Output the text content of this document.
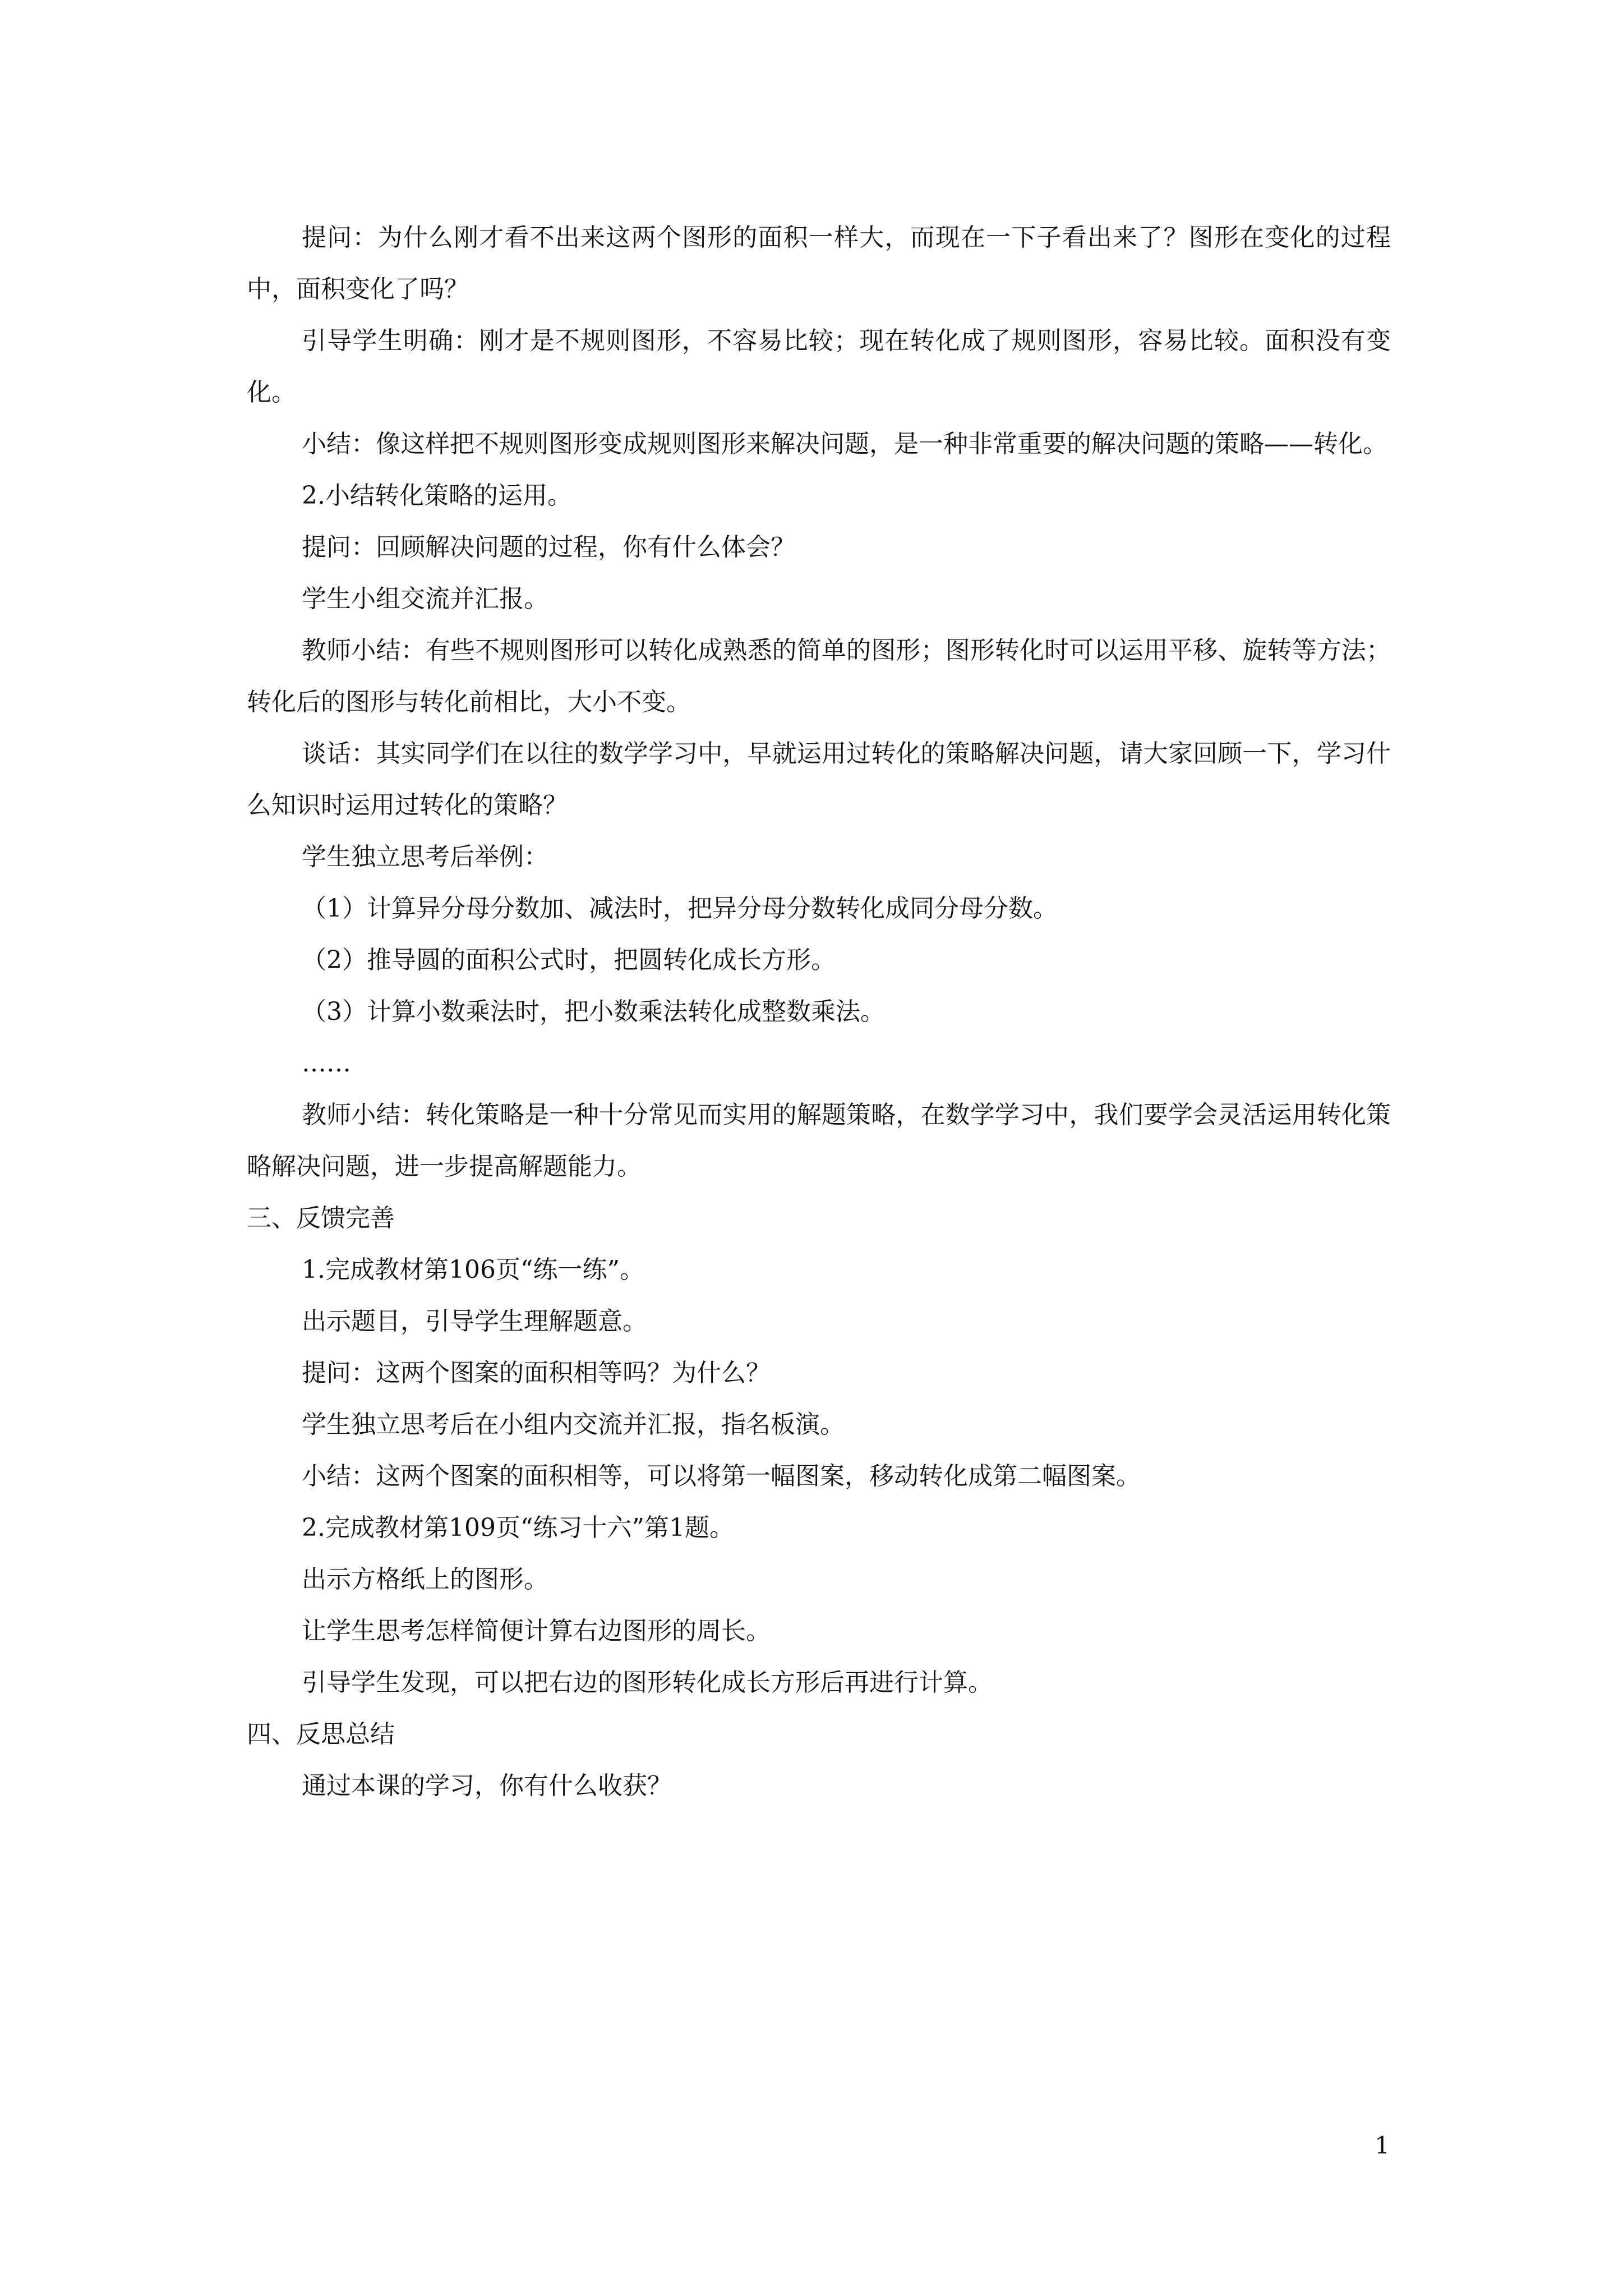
提问：为什么刚才看不出来这两个图形的面积一样大，而现在一下子看出来了？图形在变化的过程中，面积变化了吗？

引导学生明确：刚才是不规则图形，不容易比较；现在转化成了规则图形，容易比较。面积没有变化。

小结：像这样把不规则图形变成规则图形来解决问题，是一种非常重要的解决问题的策略——转化。

2.小结转化策略的运用。

提问：回顾解决问题的过程，你有什么体会？

学生小组交流并汇报。

教师小结：有些不规则图形可以转化成熟悉的简单的图形；图形转化时可以运用平移、旋转等方法；转化后的图形与转化前相比，大小不变。

谈话：其实同学们在以往的数学学习中，早就运用过转化的策略解决问题，请大家回顾一下，学习什么知识时运用过转化的策略？

学生独立思考后举例：

（1）计算异分母分数加、减法时，把异分母分数转化成同分母分数。

（2）推导圆的面积公式时，把圆转化成长方形。

（3）计算小数乘法时，把小数乘法转化成整数乘法。

……

教师小结：转化策略是一种十分常见而实用的解题策略，在数学学习中，我们要学会灵活运用转化策略解决问题，进一步提高解题能力。

三、反馈完善

1.完成教材第106页“练一练”。

出示题目，引导学生理解题意。

提问：这两个图案的面积相等吗？为什么？

学生独立思考后在小组内交流并汇报，指名板演。

小结：这两个图案的面积相等，可以将第一幅图案，移动转化成第二幅图案。

2.完成教材第109页“练习十六”第1题。

出示方格纸上的图形。

让学生思考怎样简便计算右边图形的周长。

引导学生发现，可以把右边的图形转化成长方形后再进行计算。

四、反思总结

通过本课的学习，你有什么收获？

1
